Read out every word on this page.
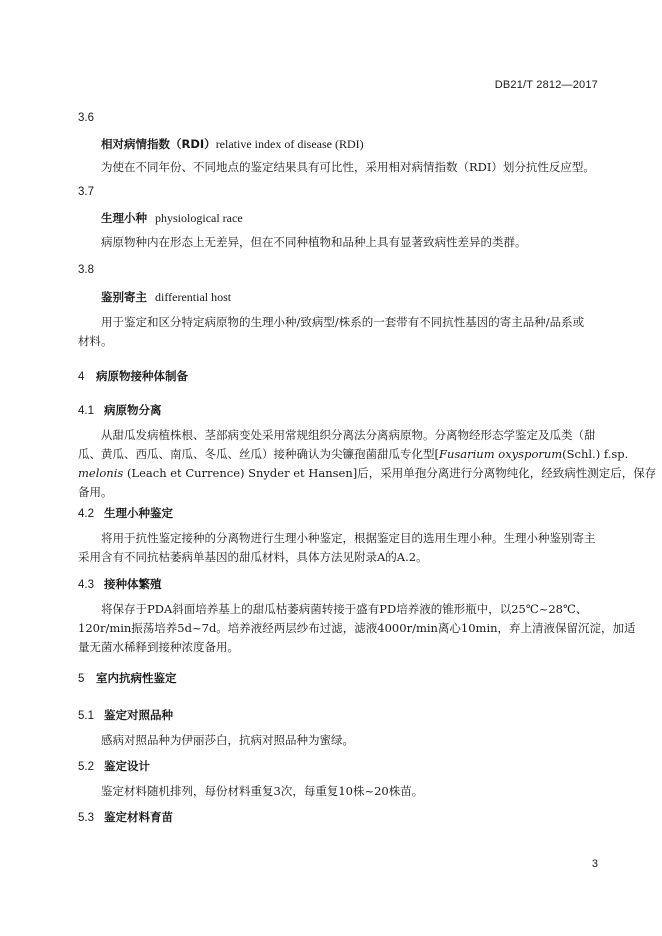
DB21/T 2812—2017
3.6
相对病情指数（RDI）relative index of disease (RDI)
为使在不同年份、不同地点的鉴定结果具有可比性，采用相对病情指数（RDI）划分抗性反应型。
3.7
生理小种 physiological race
病原物种内在形态上无差异，但在不同种植物和品种上具有显著致病性差异的类群。
3.8
鉴别寄主 differential host
用于鉴定和区分特定病原物的生理小种/致病型/株系的一套带有不同抗性基因的寄主品种/品系或
材料。
4 病原物接种体制备
4.1 病原物分离
从甜瓜发病植株根、茎部病变处采用常规组织分离法分离病原物。分离物经形态学鉴定及瓜类（甜
瓜、黄瓜、西瓜、南瓜、冬瓜、丝瓜）接种确认为尖镰孢菌甜瓜专化型[Fusarium oxysporum(Schl.) f.sp.
melonis (Leach et Currence) Snyder et Hansen]后，采用单孢分离进行分离物纯化，经致病性测定后，保存
备用。
4.2 生理小种鉴定
将用于抗性鉴定接种的分离物进行生理小种鉴定，根据鉴定目的选用生理小种。生理小种鉴别寄主
采用含有不同抗枯萎病单基因的甜瓜材料，具体方法见附录A的A.2。
4.3 接种体繁殖
将保存于PDA斜面培养基上的甜瓜枯萎病菌转接于盛有PD培养液的锥形瓶中，以25℃~28℃、
120r/min振荡培养5d~7d。培养液经两层纱布过滤，滤液4000r/min离心10min，弃上清液保留沉淀，加适
量无菌水稀释到接种浓度备用。
5 室内抗病性鉴定
5.1 鉴定对照品种
感病对照品种为伊丽莎白，抗病对照品种为蜜绿。
5.2 鉴定设计
鉴定材料随机排列，每份材料重复3次，每重复10株~20株苗。
5.3 鉴定材料育苗
3
